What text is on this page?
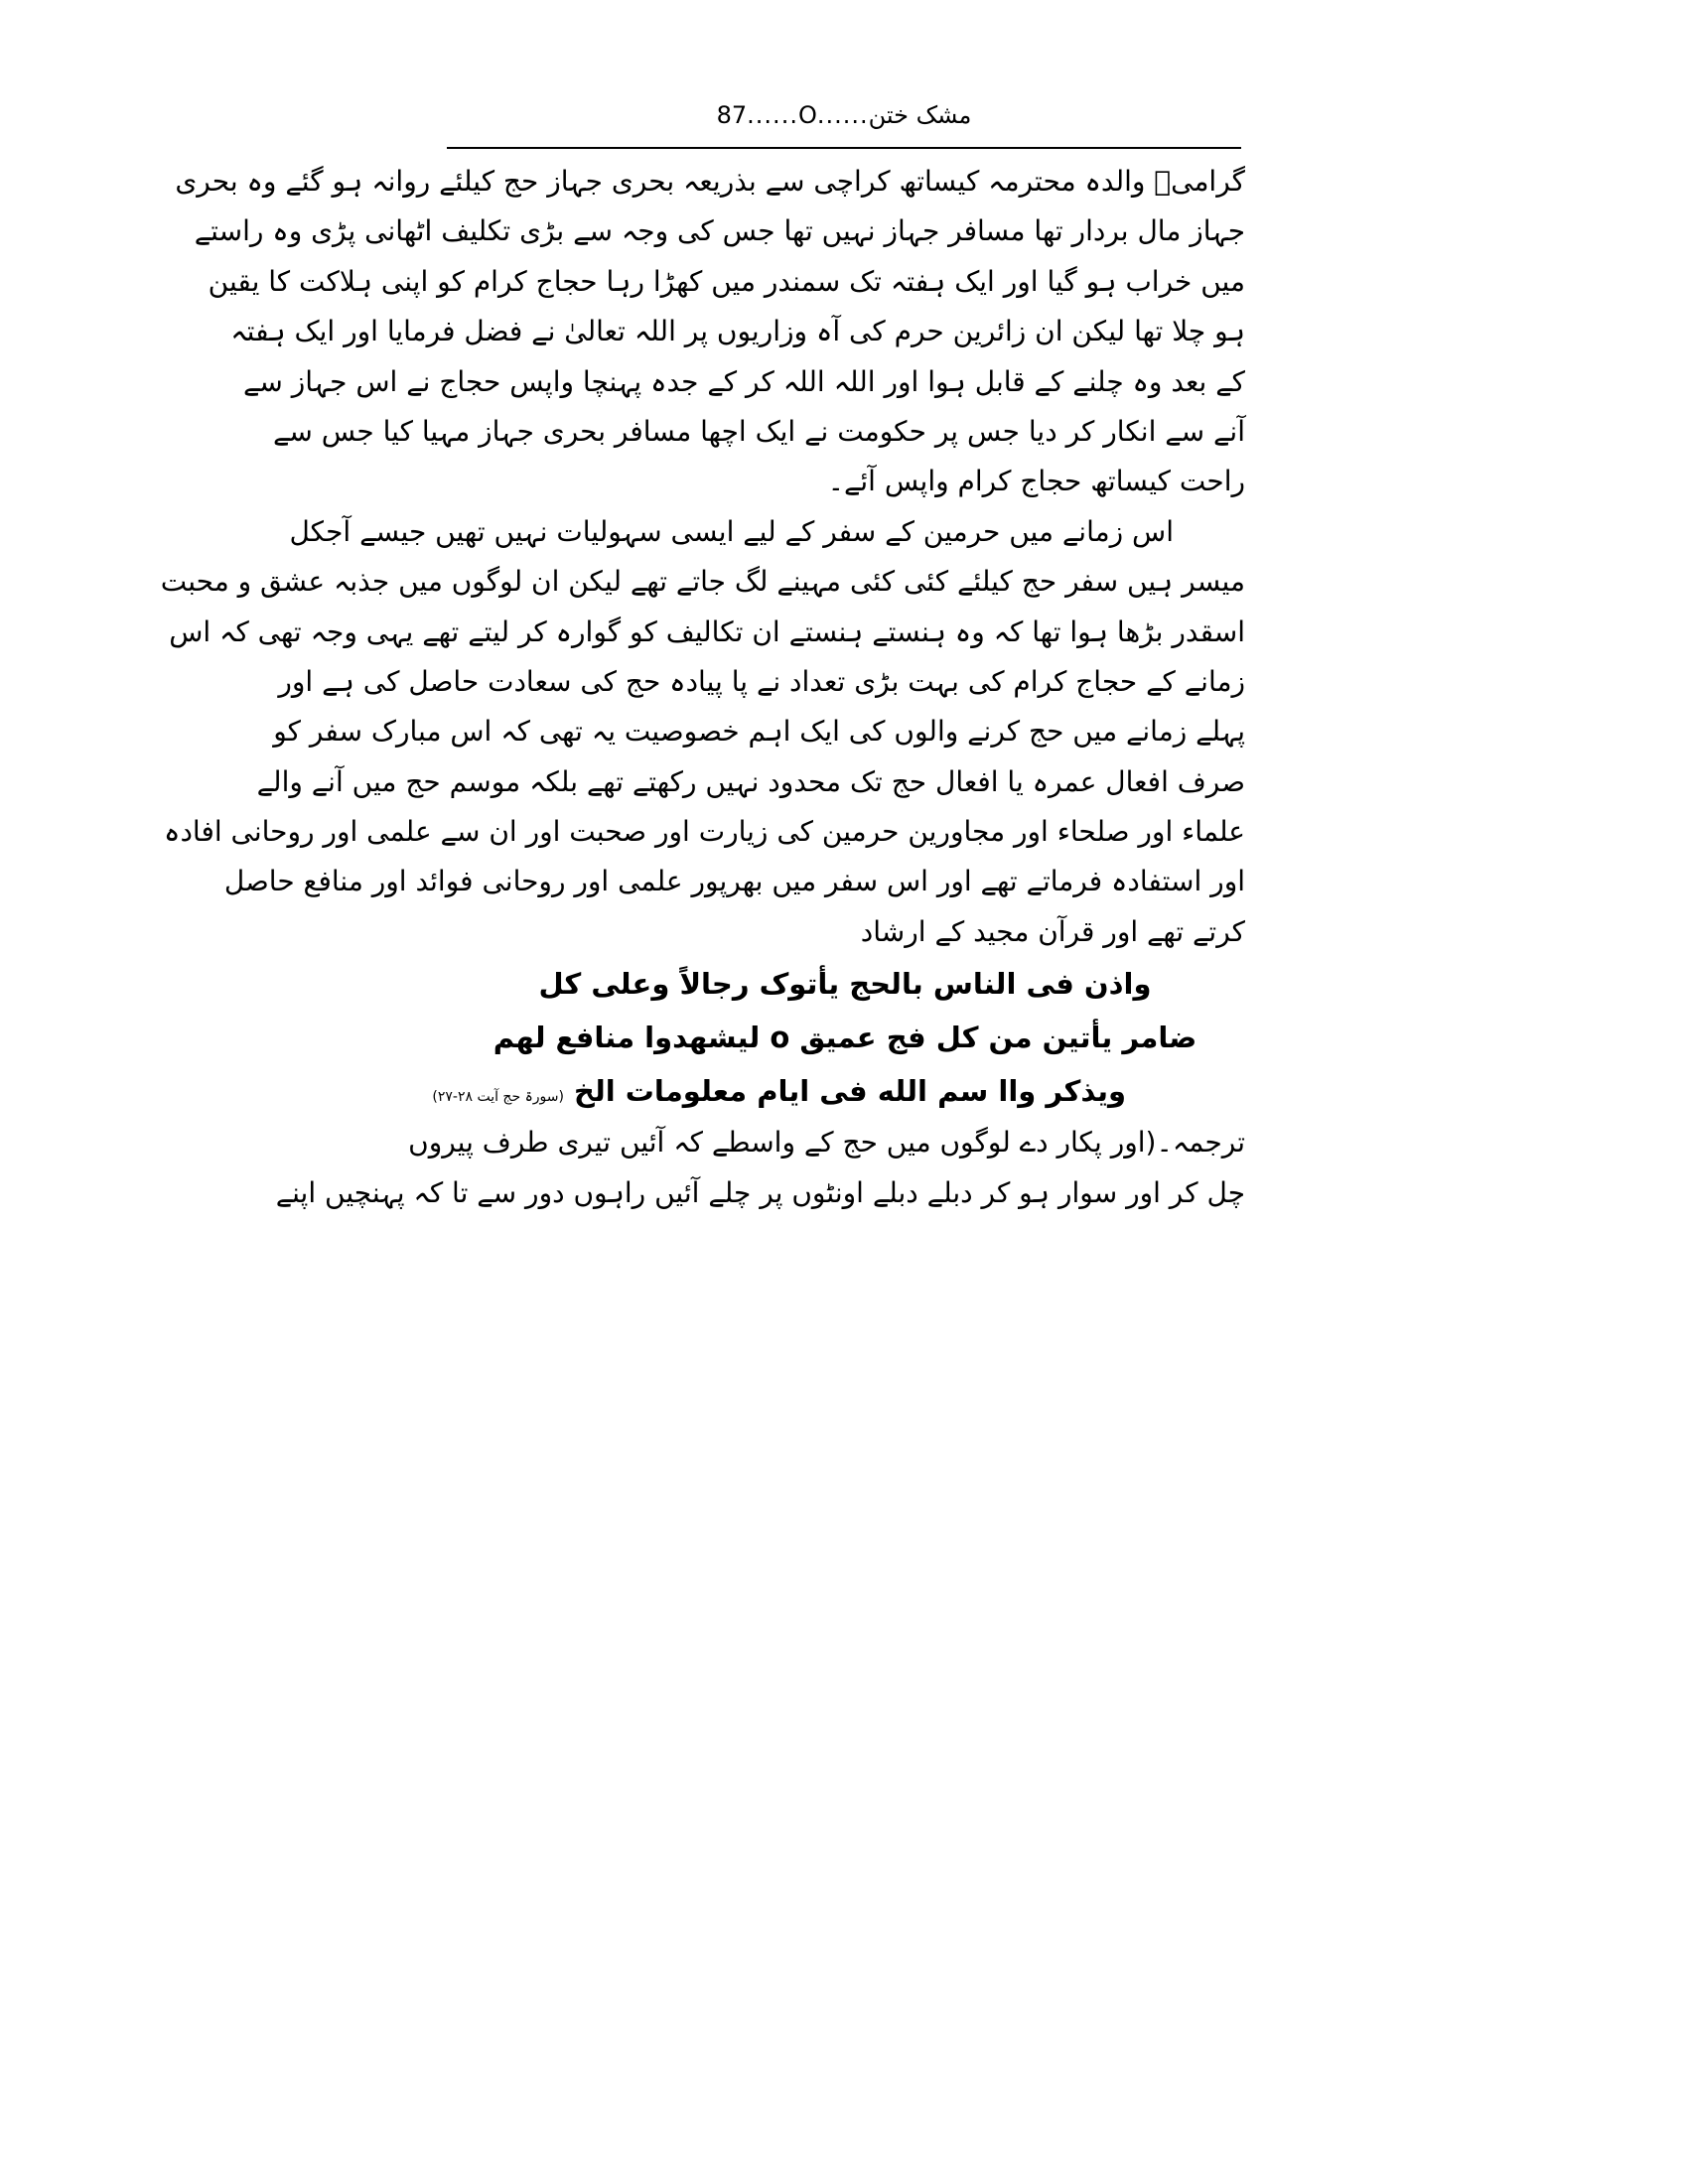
87......O......مشک ختن
گرامیؒ والدہ محترمہ کیساتھ کراچی سے بذریعہ بحری جہاز حج کیلئے روانہ ہو گئے وہ بحری
جہاز مال بردار تھا مسافر جہاز نہیں تھا جس کی وجہ سے بڑی تکلیف اٹھانی پڑی وہ راستے
میں خراب ہو گیا اور ایک ہفتہ تک سمندر میں کھڑا رہا حجاج کرام کو اپنی ہلاکت کا یقین
ہو چلا تھا لیکن ان زائرین حرم کی آہ وزاریوں پر اللہ تعالیٰ نے فضل فرمایا اور ایک ہفتہ
کے بعد وہ چلنے کے قابل ہوا اور اللہ اللہ کر کے جدہ پہنچا واپس حجاج نے اس جہاز سے
آنے سے انکار کر دیا جس پر حکومت نے ایک اچھا مسافر بحری جہاز مہیا کیا جس سے
راحت کیساتھ حجاج کرام واپس آئے۔
اس زمانے میں حرمین کے سفر کے لیے ایسی سہولیات نہیں تھیں جیسے آجکل
میسر ہیں سفر حج کیلئے کئی کئی مہینے لگ جاتے تھے لیکن ان لوگوں میں جذبہ عشق و محبت
اسقدر بڑھا ہوا تھا کہ وہ ہنستے ہنستے ان تکالیف کو گوارہ کر لیتے تھے یہی وجہ تھی کہ اس
زمانے کے حجاج کرام کی بہت بڑی تعداد نے پا پیادہ حج کی سعادت حاصل کی ہے اور
پہلے زمانے میں حج کرنے والوں کی ایک اہم خصوصیت یہ تھی کہ اس مبارک سفر کو
صرف افعال عمرہ یا افعال حج تک محدود نہیں رکھتے تھے بلکہ موسم حج میں آنے والے
علماء اور صلحاء اور مجاورین حرمین کی زیارت اور صحبت اور ان سے علمی اور روحانی افادہ
اور استفادہ فرماتے تھے اور اس سفر میں بھرپور علمی اور روحانی فوائد اور منافع حاصل
کرتے تھے اور قرآن مجید کے ارشاد
واذن فی الناس بالحج یأتوک رجالاً وعلی کل
ضامر یأتین من کل فج عمیق o لیشهدوا منافع لهم
ویذکر واا سم الله فی ایام معلومات الخ(سورۃ حج آیت ۲۸-۲۷)
ترجمہ۔(اور پکار دے لوگوں میں حج کے واسطے کہ آئیں تیری طرف پیروں
چل کر اور سوار ہو کر دبلے دبلے اونٹوں پر چلے آئیں راہوں دور سے تا کہ پہنچیں اپنے
